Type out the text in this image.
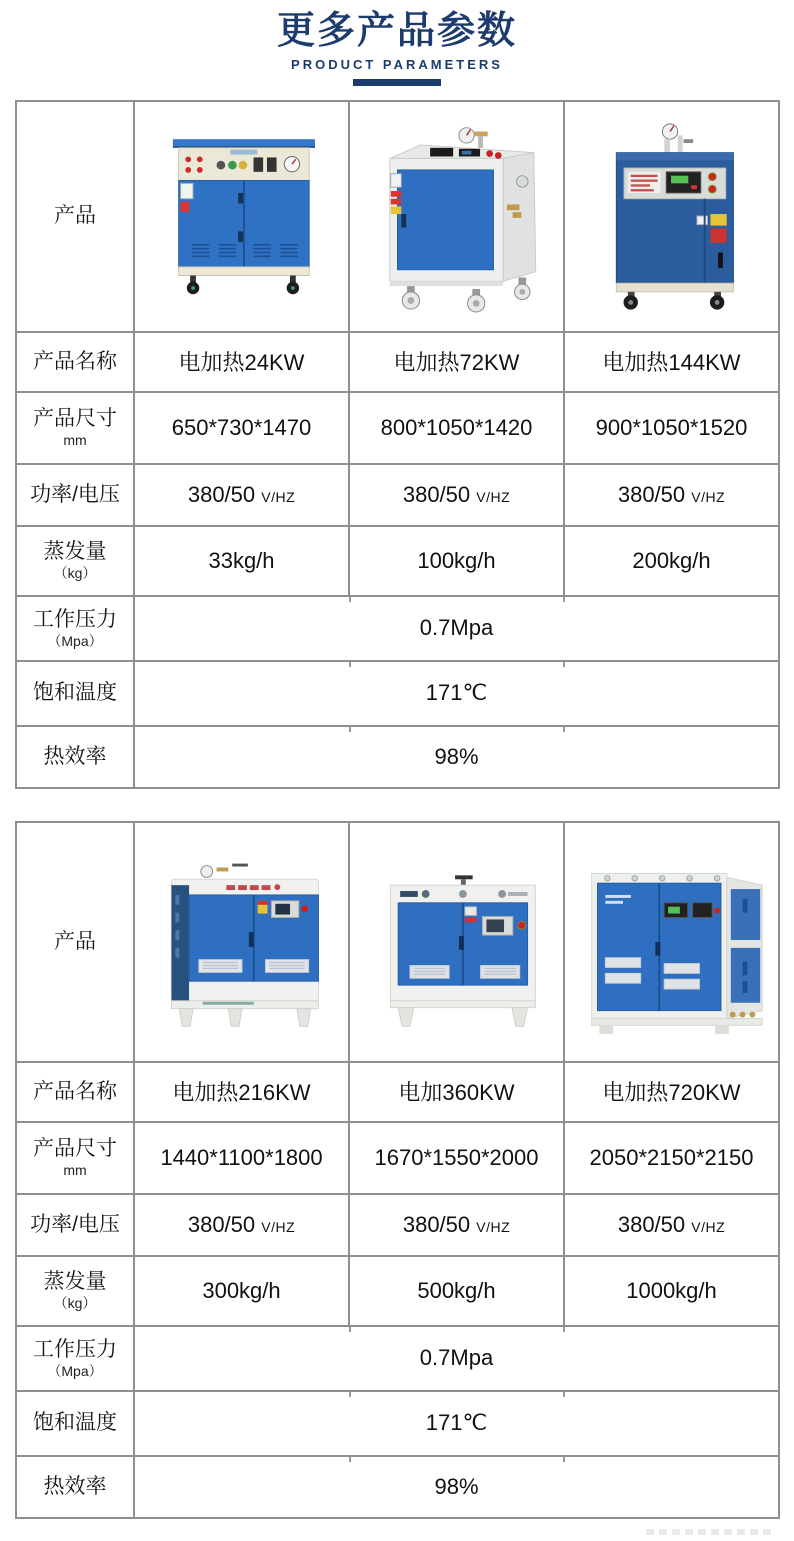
更多产品参数
PRODUCT PARAMETERS
产品	

产品名称	电加热24KW	电加热72KW	电加热144KW
产品尺寸
mm	650*730*1470	800*1050*1420	900*1050*1520
功率/电压	380/50 V/HZ	380/50 V/HZ	380/50 V/HZ
蒸发量
（kg）	33kg/h	100kg/h	200kg/h
工作压力
（Mpa）	0.7Mpa		
饱和温度	171℃		
热效率	98%		
产品	

产品名称	电加热216KW	电加360KW	电加热720KW
产品尺寸
mm	1440*1100*1800	1670*1550*2000	2050*2150*2150
功率/电压	380/50 V/HZ	380/50 V/HZ	380/50 V/HZ
蒸发量
（kg）	300kg/h	500kg/h	1000kg/h
工作压力
（Mpa）	0.7Mpa		
饱和温度	171℃		
热效率	98%		
